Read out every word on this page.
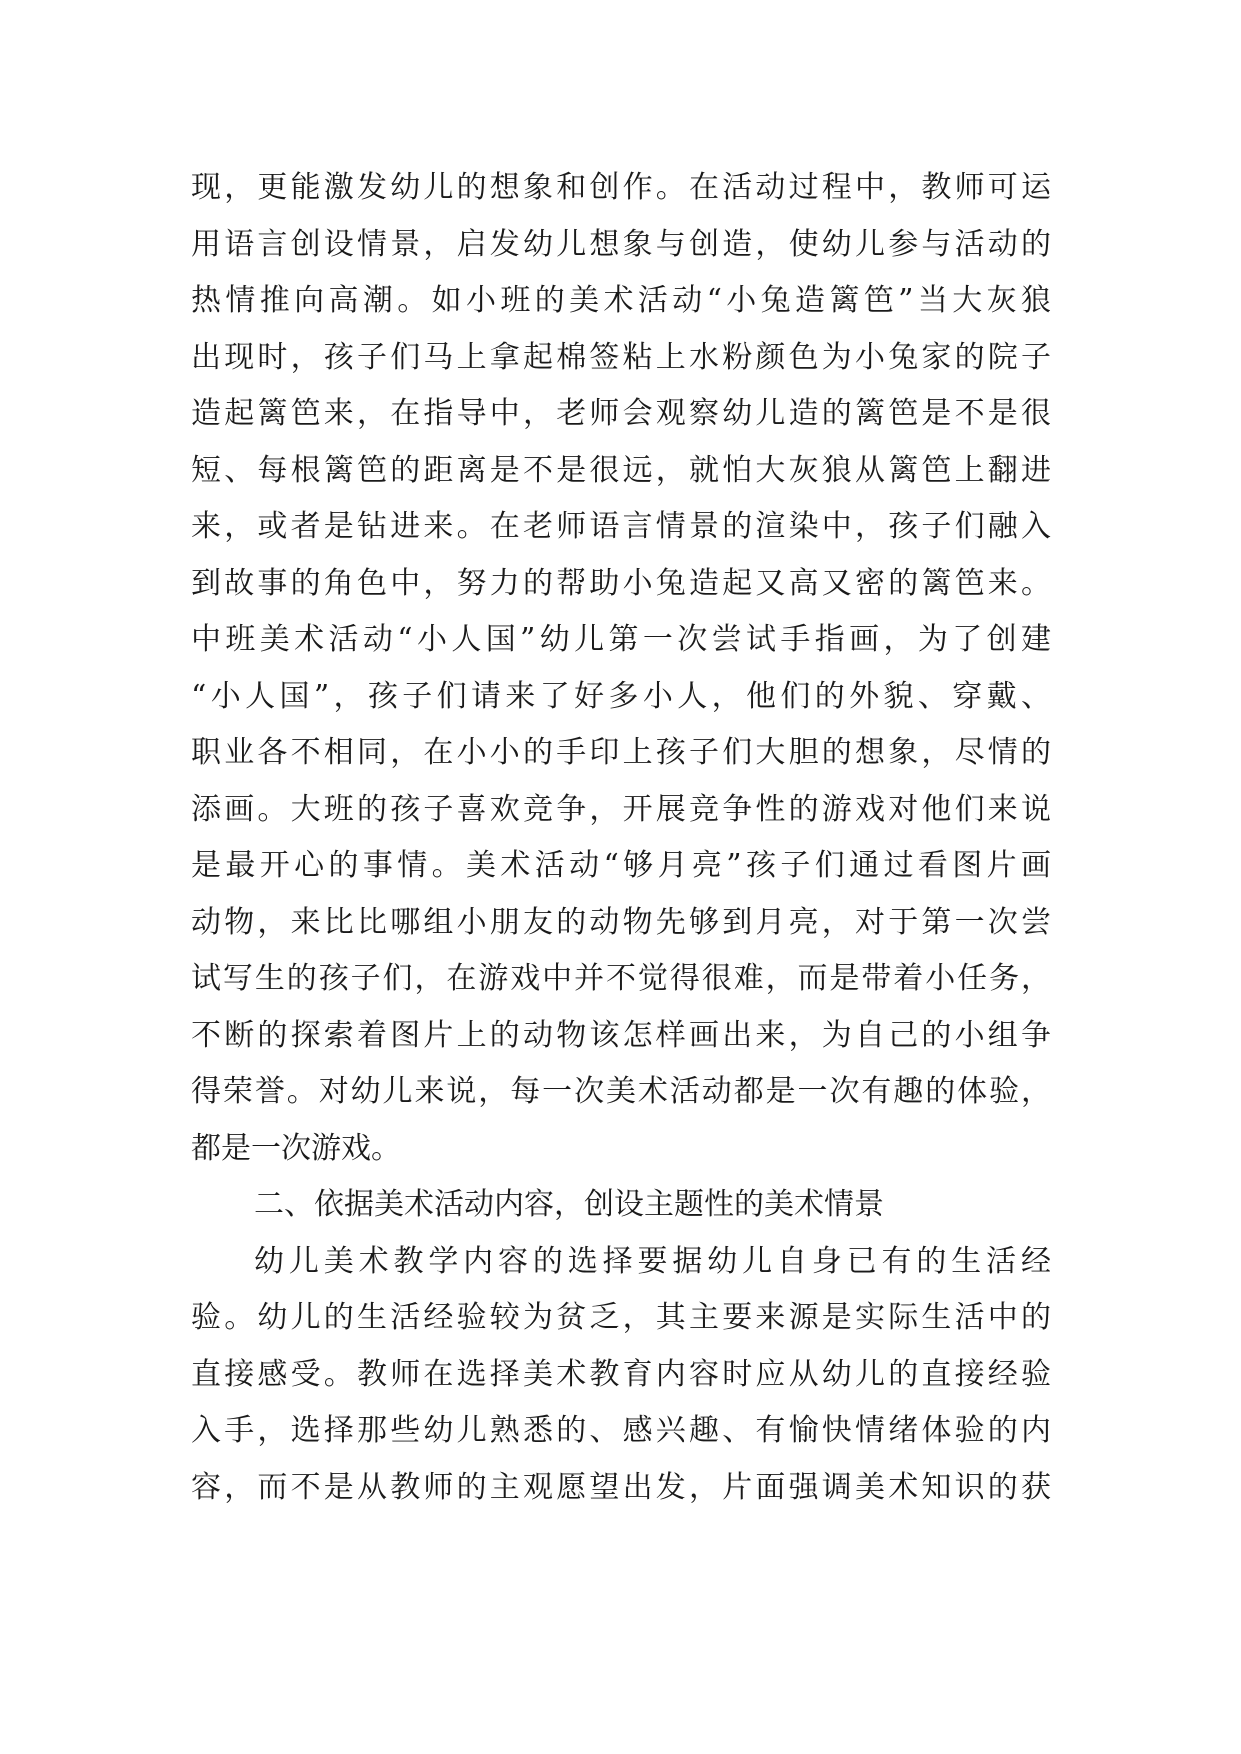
现，更能激发幼儿的想象和创作。在活动过程中，教师可运
用语言创设情景，启发幼儿想象与创造，使幼儿参与活动的
热情推向高潮。如小班的美术活动“小兔造篱笆”当大灰狼
出现时，孩子们马上拿起棉签粘上水粉颜色为小兔家的院子
造起篱笆来，在指导中，老师会观察幼儿造的篱笆是不是很
短、每根篱笆的距离是不是很远，就怕大灰狼从篱笆上翻进
来，或者是钻进来。在老师语言情景的渲染中，孩子们融入
到故事的角色中，努力的帮助小兔造起又高又密的篱笆来。
中班美术活动“小人国”幼儿第一次尝试手指画，为了创建
“小人国”，孩子们请来了好多小人，他们的外貌、穿戴、
职业各不相同，在小小的手印上孩子们大胆的想象，尽情的
添画。大班的孩子喜欢竞争，开展竞争性的游戏对他们来说
是最开心的事情。美术活动“够月亮”孩子们通过看图片画
动物，来比比哪组小朋友的动物先够到月亮，对于第一次尝
试写生的孩子们，在游戏中并不觉得很难，而是带着小任务，
不断的探索着图片上的动物该怎样画出来，为自己的小组争
得荣誉。对幼儿来说，每一次美术活动都是一次有趣的体验，
都是一次游戏。
二、依据美术活动内容，创设主题性的美术情景
幼儿美术教学内容的选择要据幼儿自身已有的生活经
验。幼儿的生活经验较为贫乏，其主要来源是实际生活中的
直接感受。教师在选择美术教育内容时应从幼儿的直接经验
入手，选择那些幼儿熟悉的、感兴趣、有愉快情绪体验的内
容，而不是从教师的主观愿望出发，片面强调美术知识的获
